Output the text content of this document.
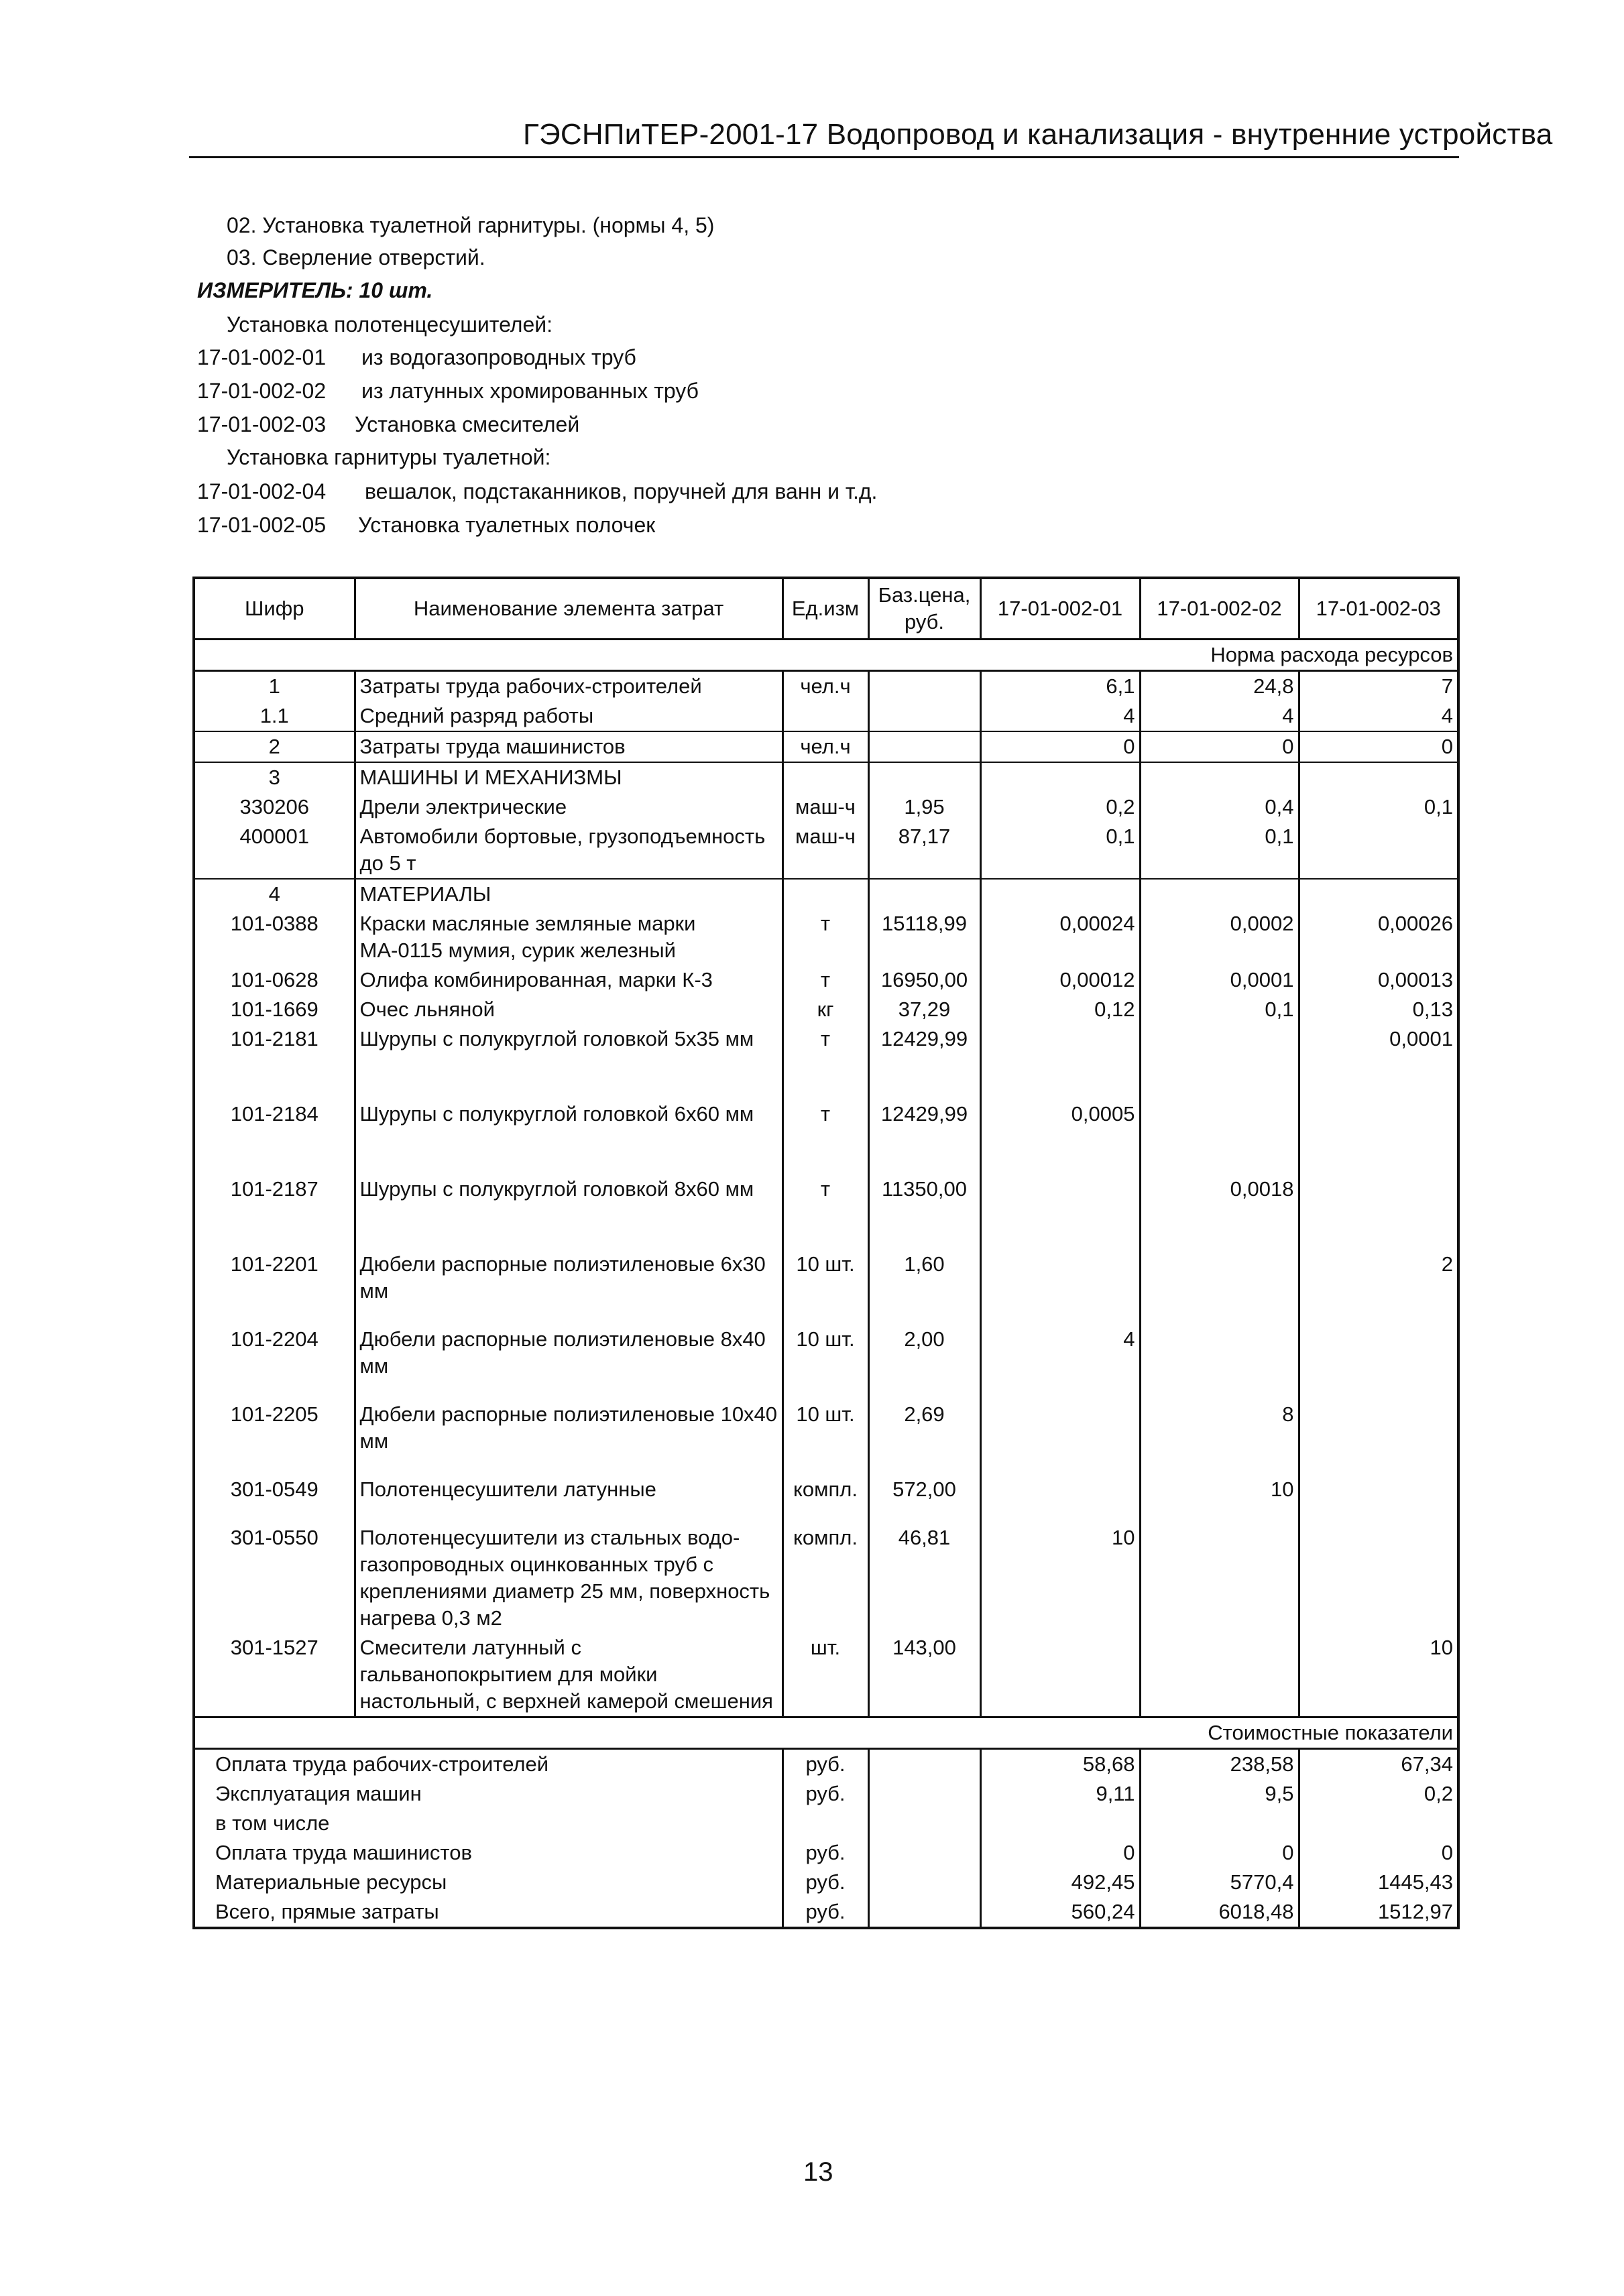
ГЭСНПиТЕР-2001-17 Водопровод и канализация - внутренние устройства
02. Установка туалетной гарнитуры. (нормы 4, 5)
03. Сверление отверстий.
ИЗМЕРИТЕЛЬ: 10 шт.
Установка полотенцесушителей:
17-01-002-01 из водогазопроводных труб
17-01-002-02 из латунных хромированных труб
17-01-002-03 Установка смесителей
Установка гарнитуры туалетной:
17-01-002-04 вешалок, подстаканников, поручней для ванн и т.д.
17-01-002-05 Установка туалетных полочек
Шифр	Наименование элемента затрат	Ед.изм	Баз.цена, руб.	17-01-002-01	17-01-002-02	17-01-002-03
Норма расхода ресурсов						
1	Затраты труда рабочих-строителей	чел.ч		6,1	24,8	7
1.1	Средний разряд работы			4	4	4
2	Затраты труда машинистов	чел.ч		0	0	0
3	МАШИНЫ И МЕХАНИЗМЫ					
330206	Дрели электрические	маш-ч	1,95	0,2	0,4	0,1
400001	Автомобили бортовые, грузоподъемность до 5 т	маш-ч	87,17	0,1	0,1	
4	МАТЕРИАЛЫ					
101-0388	Краски масляные земляные марки МА-0115 мумия, сурик железный	т	15118,99	0,00024	0,0002	0,00026
101-0628	Олифа комбинированная, марки К-3	т	16950,00	0,00012	0,0001	0,00013
101-1669	Очес льняной	кг	37,29	0,12	0,1	0,13
101-2181	Шурупы с полукруглой головкой 5x35 мм	т	12429,99			0,0001
101-2184	Шурупы с полукруглой головкой 6x60 мм	т	12429,99	0,0005		
101-2187	Шурупы с полукруглой головкой 8x60 мм	т	11350,00		0,0018	
101-2201	Дюбели распорные полиэтиленовые 6х30 мм	10 шт.	1,60			2
101-2204	Дюбели распорные полиэтиленовые 8х40 мм	10 шт.	2,00	4		
101-2205	Дюбели распорные полиэтиленовые 10х40 мм	10 шт.	2,69		8	
301-0549	Полотенцесушители латунные	компл.	572,00		10	
301-0550	Полотенцесушители из стальных водо-газопроводных оцинкованных труб с креплениями диаметр 25 мм, поверхность нагрева 0,3 м2	компл.	46,81	10		
301-1527	Смесители латунный с гальванопокрытием для мойки настольный, с верхней камерой смешения	шт.	143,00			10
Стоимостные показатели						
Оплата труда рабочих-строителей		руб.		58,68	238,58	67,34
Эксплуатация машин		руб.		9,11	9,5	0,2
в том числе						
Оплата труда машинистов		руб.		0	0	0
Материальные ресурсы		руб.		492,45	5770,4	1445,43
Всего, прямые затраты		руб.		560,24	6018,48	1512,97
13
